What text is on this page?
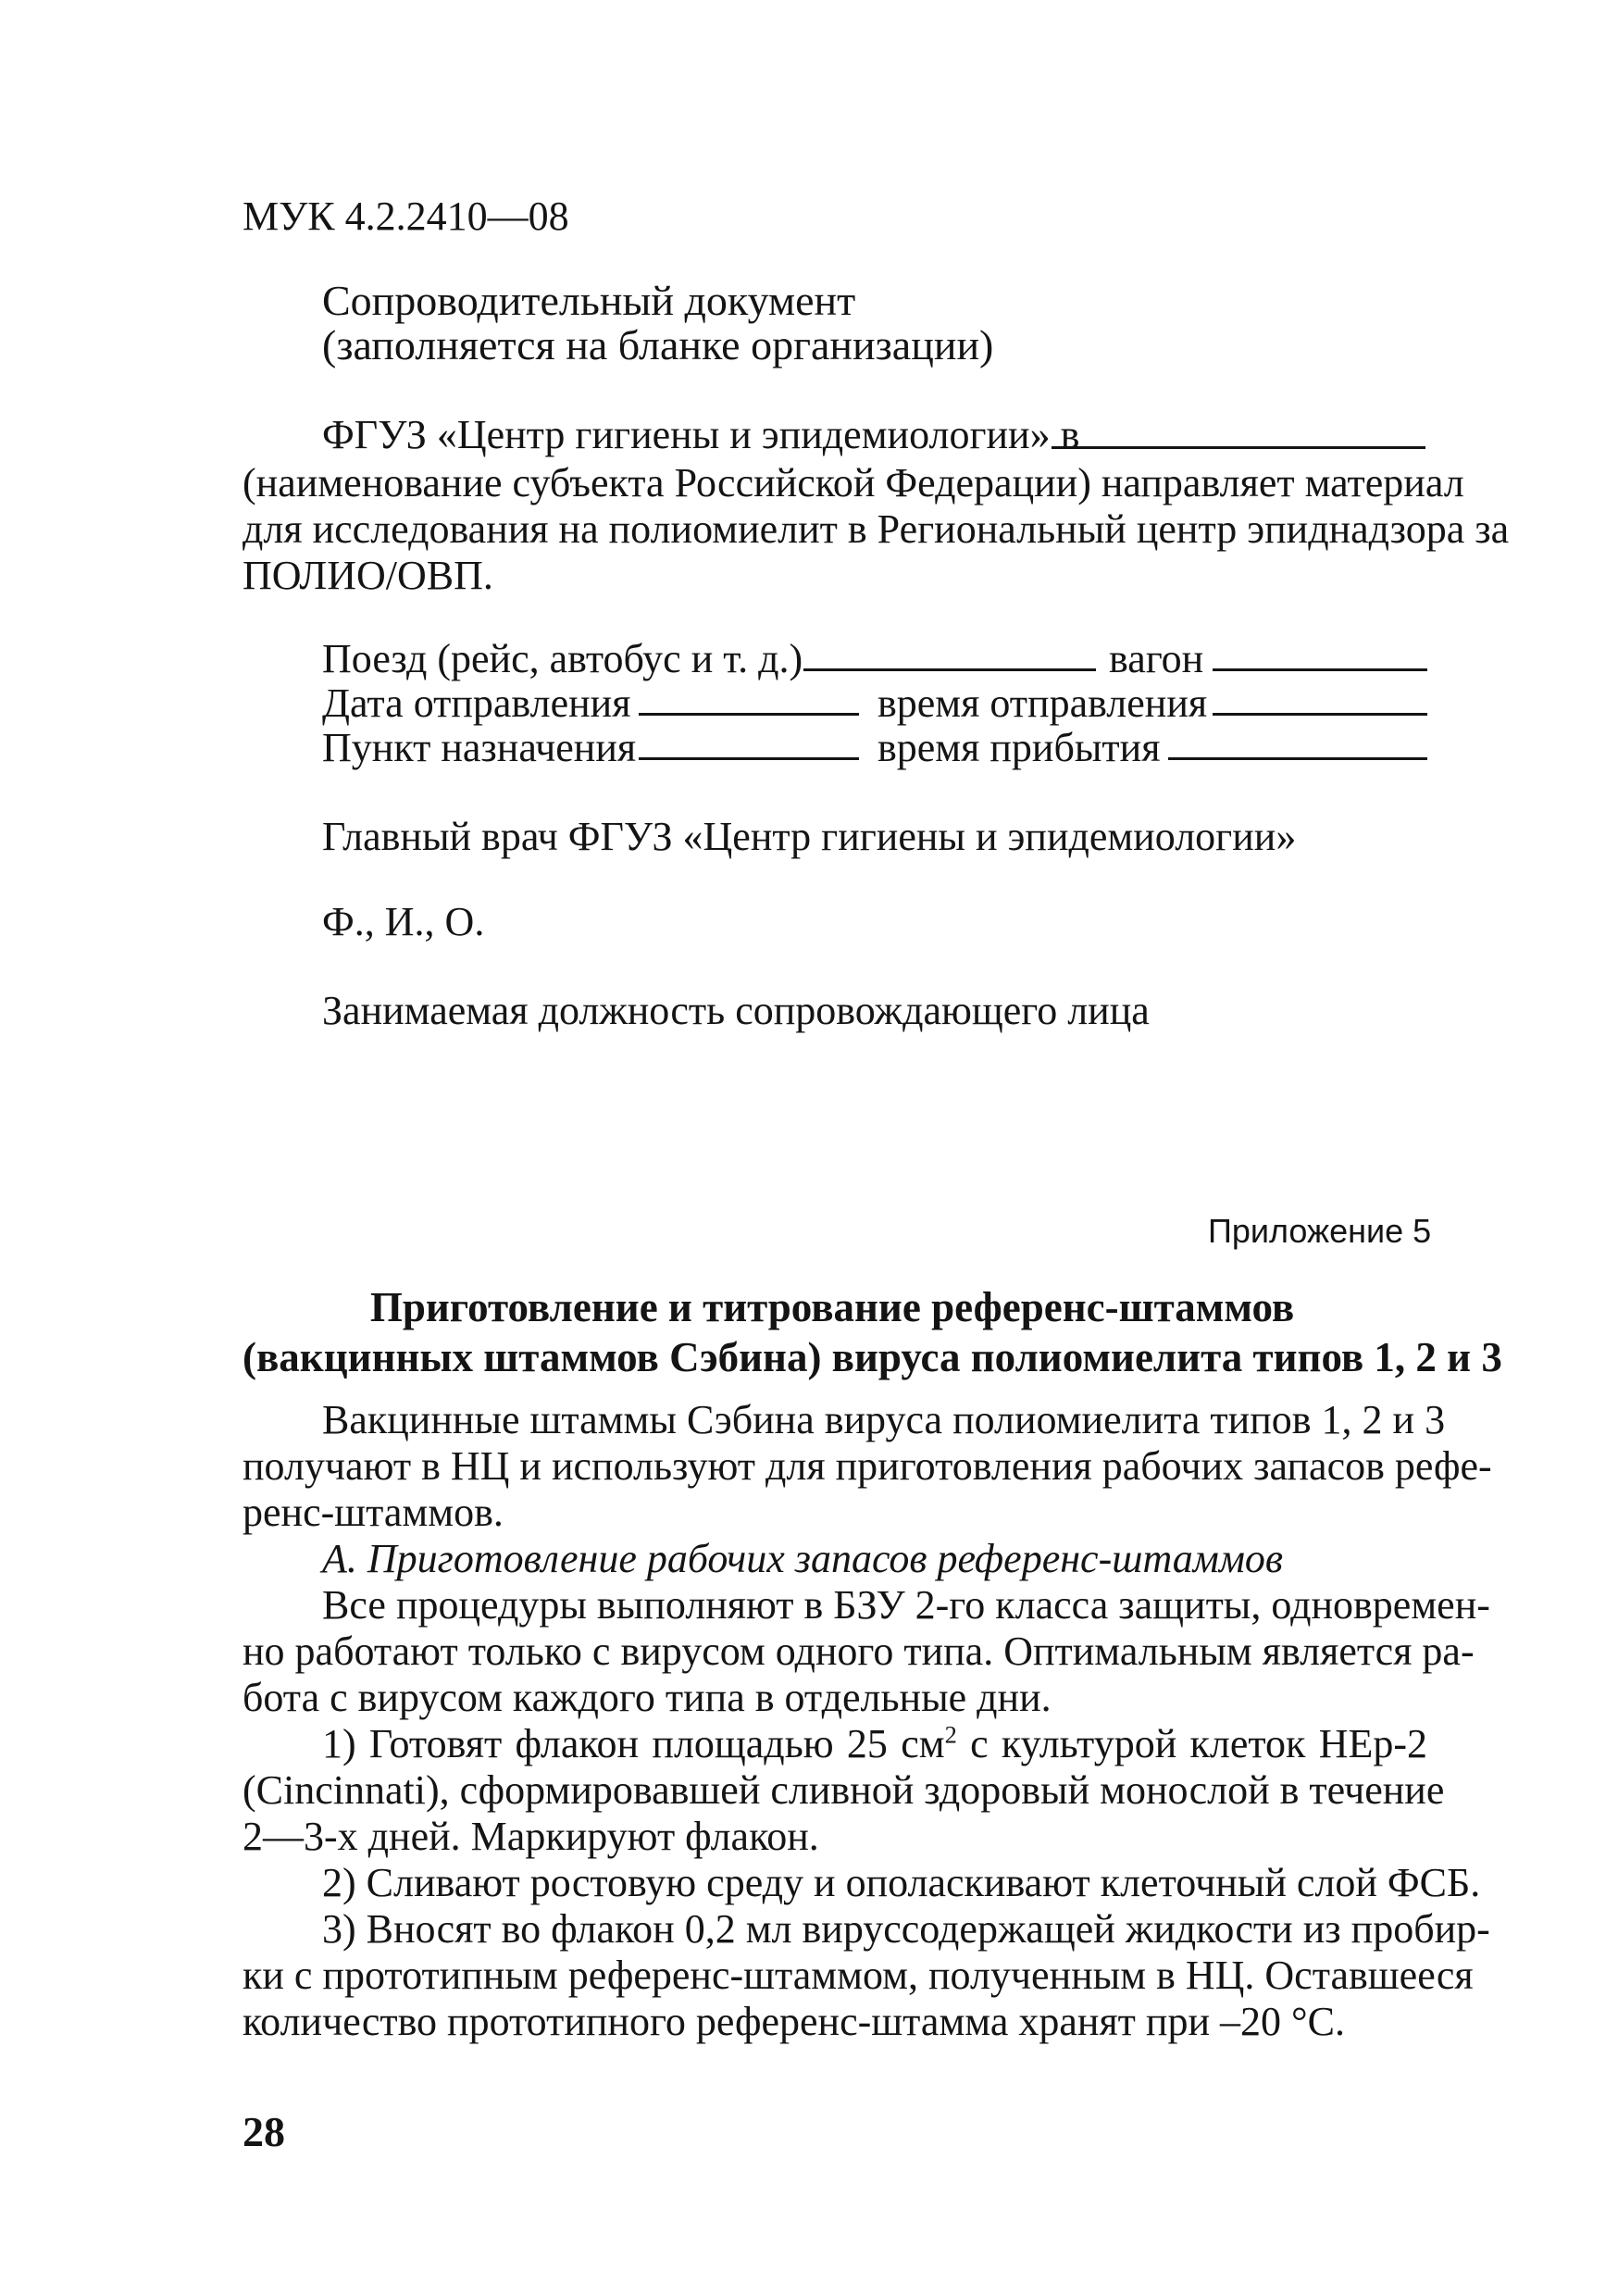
МУК 4.2.2410—08
Сопроводительный документ
(заполняется на бланке организации)
ФГУЗ «Центр гигиены и эпидемиологии» в
(наименование субъекта Российской Федерации) направляет материал
для исследования на полиомиелит в Региональный центр эпиднадзора за
ПОЛИО/ОВП.
Поезд (рейс, автобус и т. д.)	вагон
Дата отправления	время отправления
Пункт назначения	время прибытия
Главный врач ФГУЗ «Центр гигиены и эпидемиологии»
Ф., И., О.
Занимаемая должность сопровождающего лица
Приложение 5
Приготовление и титрование референс-штаммов
(вакцинных штаммов Сэбина) вируса полиомиелита типов 1, 2 и 3
Вакцинные штаммы Сэбина вируса полиомиелита типов 1, 2 и 3
получают в НЦ и используют для приготовления рабочих запасов рефе-
ренс-штаммов.
А. Приготовление рабочих запасов референс-штаммов
Все процедуры выполняют в БЗУ 2-го класса защиты, одновремен-
но работают только с вирусом одного типа. Оптимальным является ра-
бота с вирусом каждого типа в отдельные дни.
1) Готовят флакон площадью 25 $см^2$ с культурой клеток НЕр-2
(Cincinnati), сформировавшей сливной здоровый монослой в течение
2—3-х дней. Маркируют флакон.
2) Сливают ростовую среду и ополаскивают клеточный слой ФСБ.
3) Вносят во флакон 0,2 мл вируссодержащей жидкости из пробир-
ки с прототипным референс-штаммом, полученным в НЦ. Оставшееся
количество прототипного референс-штамма хранят при –20 °С.
28
